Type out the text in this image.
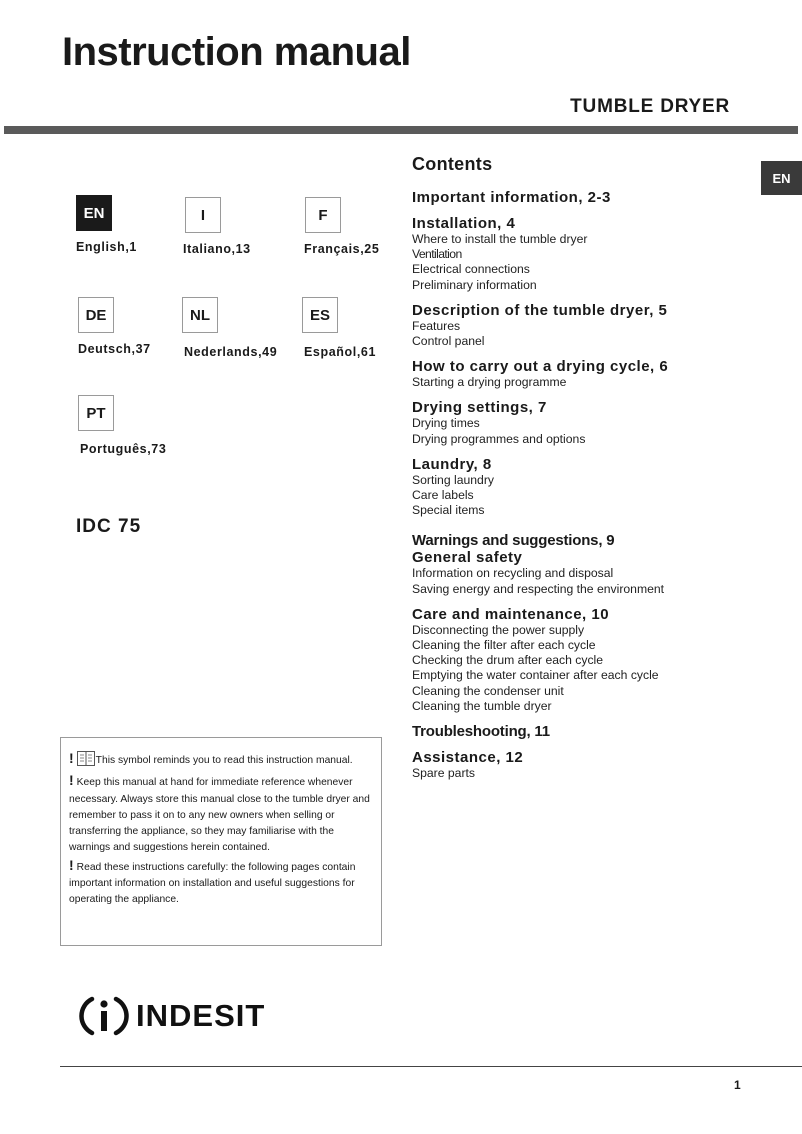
Instruction manual
TUMBLE DRYER
EN
EN
English,1
I
Italiano,13
F
Français,25
DE
Deutsch,37
NL
Nederlands,49
ES
Español,61
PT
Português,73
IDC 75

! This symbol reminds you to read this instruction manual.

! Keep this manual at hand for immediate reference whenever necessary. Always store this manual close to the tumble dryer and remember to pass it on to any new owners when selling or transferring the appliance, so they may familiarise with the warnings and suggestions herein contained.

! Read these instructions carefully: the following pages contain important information on installation and useful suggestions for operating the appliance.

Contents
Important information, 2-3
Installation, 4
Where to install the tumble dryer
Ventilation
Electrical connections
Preliminary information
Description of the tumble dryer, 5
Features
Control panel
How to carry out a drying cycle, 6
Starting a drying programme
Drying settings, 7
Drying times
Drying programmes and options
Laundry, 8
Sorting laundry
Care labels
Special items
Warnings and suggestions, 9
General safety
Information on recycling and disposal
Saving energy and respecting the environment
Care and maintenance, 10
Disconnecting the power supply
Cleaning the filter after each cycle
Checking the drum after each cycle
Emptying the water container after each cycle
Cleaning the condenser unit
Cleaning the tumble dryer
Troubleshooting, 11
Assistance, 12
Spare parts
INDESIT
1
